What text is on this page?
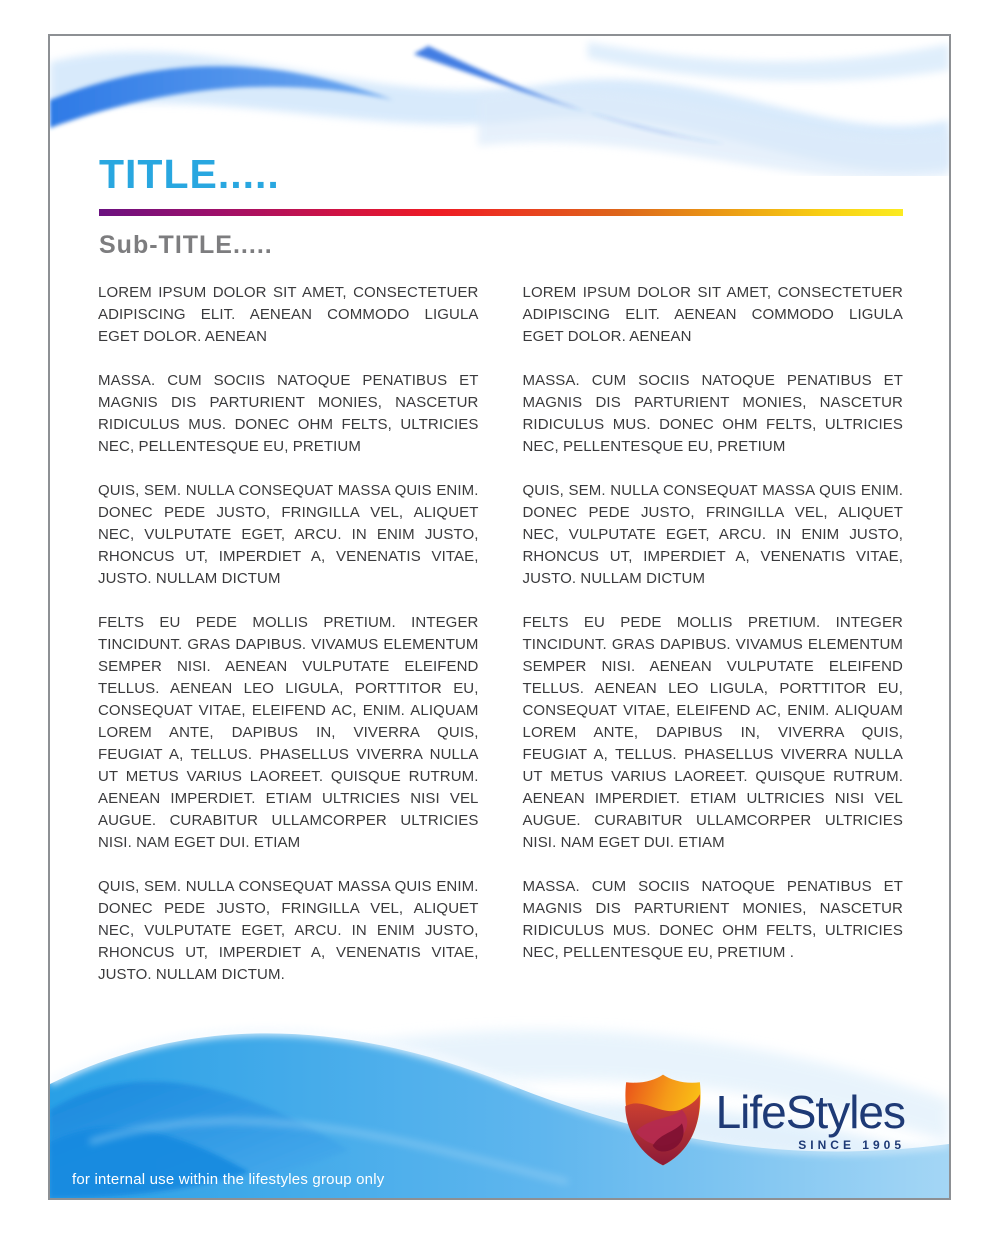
TITLE.....
Sub-TITLE.....

LOREM IPSUM DOLOR SIT AMET, CONSECTETUER ADIPISCING ELIT. AENEAN COMMODO LIGULA EGET DOLOR. AENEAN

MASSA. CUM SOCIIS NATOQUE PENATIBUS ET MAGNIS DIS PARTURIENT MONIES, NASCETUR RIDICULUS MUS. DONEC OHM FELTS, ULTRICIES NEC, PELLENTESQUE EU, PRETIUM

QUIS, SEM. NULLA CONSEQUAT MASSA QUIS ENIM. DONEC PEDE JUSTO, FRINGILLA VEL, ALIQUET NEC, VULPUTATE EGET, ARCU. IN ENIM JUSTO, RHONCUS UT, IMPERDIET A, VENENATIS VITAE, JUSTO. NULLAM DICTUM

FELTS EU PEDE MOLLIS PRETIUM. INTEGER TINCIDUNT. GRAS DAPIBUS. VIVAMUS ELEMENTUM SEMPER NISI. AENEAN VULPUTATE ELEIFEND TELLUS. AENEAN LEO LIGULA, PORTTITOR EU, CONSEQUAT VITAE, ELEIFEND AC, ENIM. ALIQUAM LOREM ANTE, DAPIBUS IN, VIVERRA QUIS, FEUGIAT A, TELLUS. PHASELLUS VIVERRA NULLA UT METUS VARIUS LAOREET. QUISQUE RUTRUM. AENEAN IMPERDIET. ETIAM ULTRICIES NISI VEL AUGUE. CURABITUR ULLAMCORPER ULTRICIES NISI. NAM EGET DUI. ETIAM

QUIS, SEM. NULLA CONSEQUAT MASSA QUIS ENIM. DONEC PEDE JUSTO, FRINGILLA VEL, ALIQUET NEC, VULPUTATE EGET, ARCU. IN ENIM JUSTO, RHONCUS UT, IMPERDIET A, VENENATIS VITAE, JUSTO. NULLAM DICTUM.

LOREM IPSUM DOLOR SIT AMET, CONSECTETUER ADIPISCING ELIT. AENEAN COMMODO LIGULA EGET DOLOR. AENEAN

MASSA. CUM SOCIIS NATOQUE PENATIBUS ET MAGNIS DIS PARTURIENT MONIES, NASCETUR RIDICULUS MUS. DONEC OHM FELTS, ULTRICIES NEC, PELLENTESQUE EU, PRETIUM

QUIS, SEM. NULLA CONSEQUAT MASSA QUIS ENIM. DONEC PEDE JUSTO, FRINGILLA VEL, ALIQUET NEC, VULPUTATE EGET, ARCU. IN ENIM JUSTO, RHONCUS UT, IMPERDIET A, VENENATIS VITAE, JUSTO. NULLAM DICTUM

FELTS EU PEDE MOLLIS PRETIUM. INTEGER TINCIDUNT. GRAS DAPIBUS. VIVAMUS ELEMENTUM SEMPER NISI. AENEAN VULPUTATE ELEIFEND TELLUS. AENEAN LEO LIGULA, PORTTITOR EU, CONSEQUAT VITAE, ELEIFEND AC, ENIM. ALIQUAM LOREM ANTE, DAPIBUS IN, VIVERRA QUIS, FEUGIAT A, TELLUS. PHASELLUS VIVERRA NULLA UT METUS VARIUS LAOREET. QUISQUE RUTRUM. AENEAN IMPERDIET. ETIAM ULTRICIES NISI VEL AUGUE. CURABITUR ULLAMCORPER ULTRICIES NISI. NAM EGET DUI. ETIAM

MASSA. CUM SOCIIS NATOQUE PENATIBUS ET MAGNIS DIS PARTURIENT MONIES, NASCETUR RIDICULUS MUS. DONEC OHM FELTS, ULTRICIES NEC, PELLENTESQUE EU, PRETIUM .

LifeStyles
SINCE 1905
for internal use within the lifestyles group only
